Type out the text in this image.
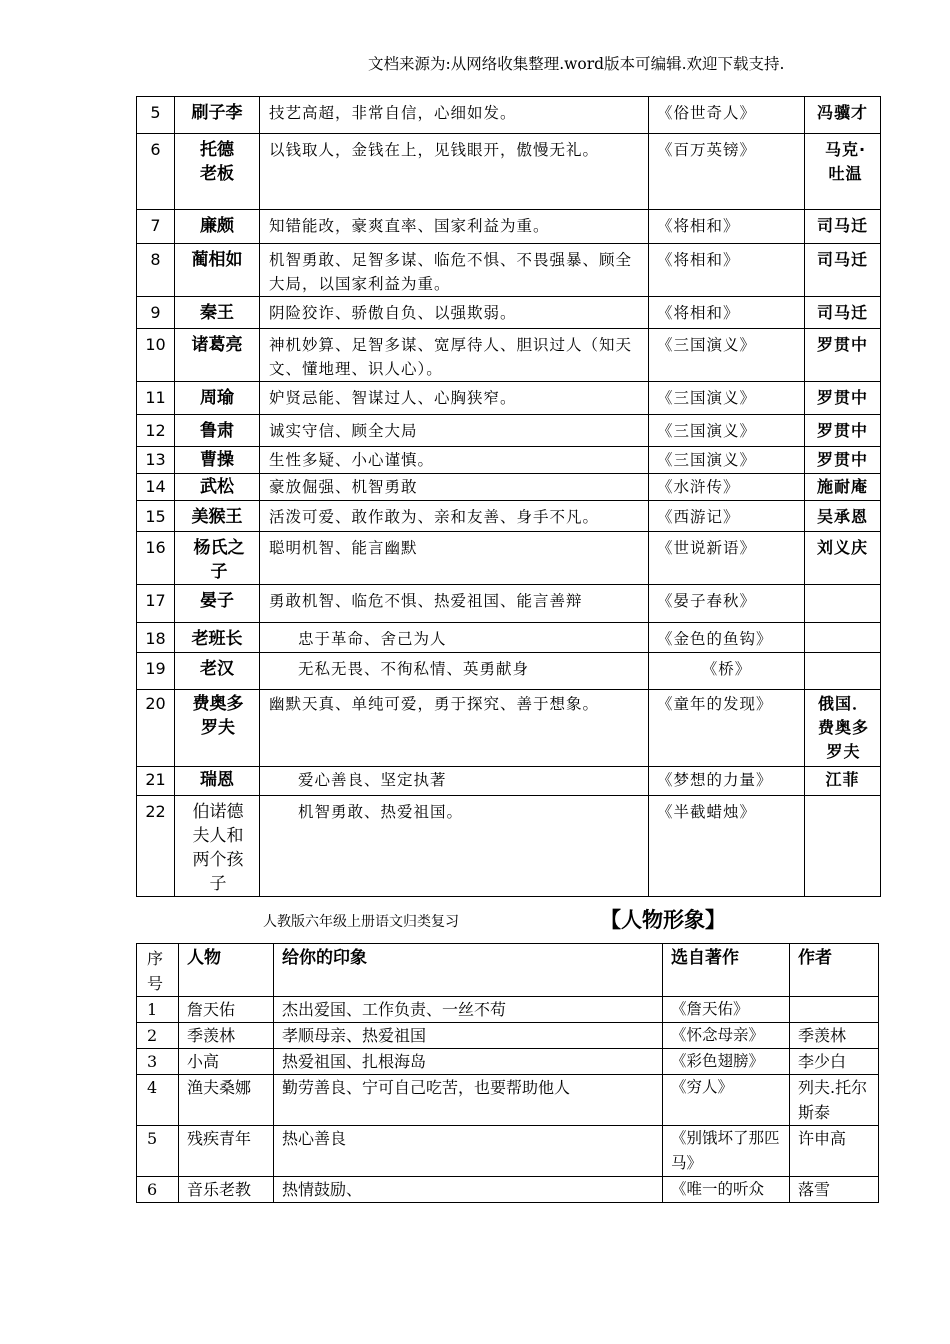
文档来源为:从网络收集整理.word版本可编辑.欢迎下载支持.
5	刷子李	技艺高超，非常自信，心细如发。	《俗世奇人》	冯骥才
6	托德老板	以钱取人，金钱在上，见钱眼开，傲慢无礼。	《百万英镑》	马克·吐温
7	廉颇	知错能改，豪爽直率、国家利益为重。	《将相和》	司马迁
8	蔺相如	机智勇敢、足智多谋、临危不惧、不畏强暴、顾全大局，以国家利益为重。	《将相和》	司马迁
9	秦王	阴险狡诈、骄傲自负、以强欺弱。	《将相和》	司马迁
10	诸葛亮	神机妙算、足智多谋、宽厚待人、胆识过人（知天文、懂地理、识人心）。	《三国演义》	罗贯中
11	周瑜	妒贤忌能、智谋过人、心胸狭窄。	《三国演义》	罗贯中
12	鲁肃	诚实守信、顾全大局	《三国演义》	罗贯中
13	曹操	生性多疑、小心谨慎。	《三国演义》	罗贯中
14	武松	豪放倔强、机智勇敢	《水浒传》	施耐庵
15	美猴王	活泼可爱、敢作敢为、亲和友善、身手不凡。	《西游记》	吴承恩
16	杨氏之子	聪明机智、能言幽默	《世说新语》	刘义庆
17	晏子	勇敢机智、临危不惧、热爱祖国、能言善辩	《晏子春秋》	
18	老班长	忠于革命、舍己为人	《金色的鱼钩》	
19	老汉	无私无畏、不徇私情、英勇献身	《桥》	
20	费奥多罗夫	幽默天真、单纯可爱，勇于探究、善于想象。	《童年的发现》	俄国．费奥多罗夫
21	瑞恩	爱心善良、坚定执著	《梦想的力量》	江菲
22	伯诺德夫人和两个孩子	机智勇敢、热爱祖国。	《半截蜡烛》	
人教版六年级上册语文归类复习	【人物形象】
序号	人物	给你的印象	选自著作	作者
1	詹天佑	杰出爱国、工作负责、一丝不苟	《詹天佑》	
2	季羡林	孝顺母亲、热爱祖国	《怀念母亲》	季羡林
3	小高	热爱祖国、扎根海岛	《彩色翅膀》	李少白
4	渔夫桑娜	勤劳善良、宁可自己吃苦，也要帮助他人	《穷人》	列夫.托尔斯泰
5	残疾青年	热心善良	《别饿坏了那匹马》	许申高
6	音乐老教	热情鼓励、	《唯一的听众	落雪
